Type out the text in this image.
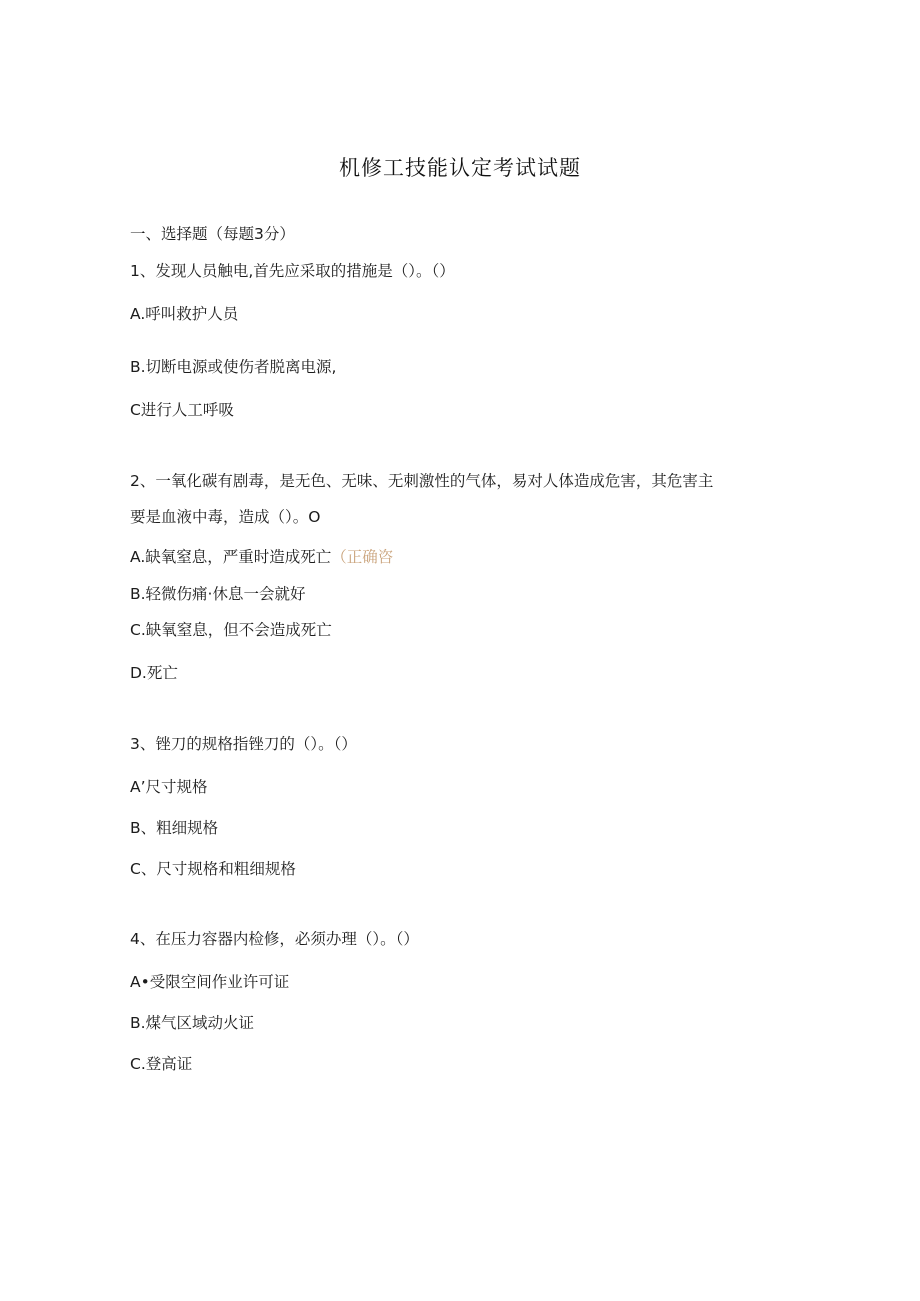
机修工技能认定考试试题
一、选择题（每题3分）
1、发现人员触电,首先应采取的措施是（）。（）
A.呼叫救护人员
B.切断电源或使伤者脱离电源,
C进行人工呼吸
2、一氧化碳有剧毒，是无色、无味、无刺激性的气体，易对人体造成危害，其危害主
要是血液中毒，造成（）。O
A.缺氧窒息，严重时造成死亡（正确咨
B.轻微伤痛·休息一会就好
C.缺氧窒息，但不会造成死亡
D.死亡
3、锉刀的规格指锉刀的（）。（）
A’尺寸规格
B、粗细规格
C、尺寸规格和粗细规格
4、在压力容器内检修，必须办理（）。（）
A•受限空间作业许可证
B.煤气区域动火证
C.登高证
